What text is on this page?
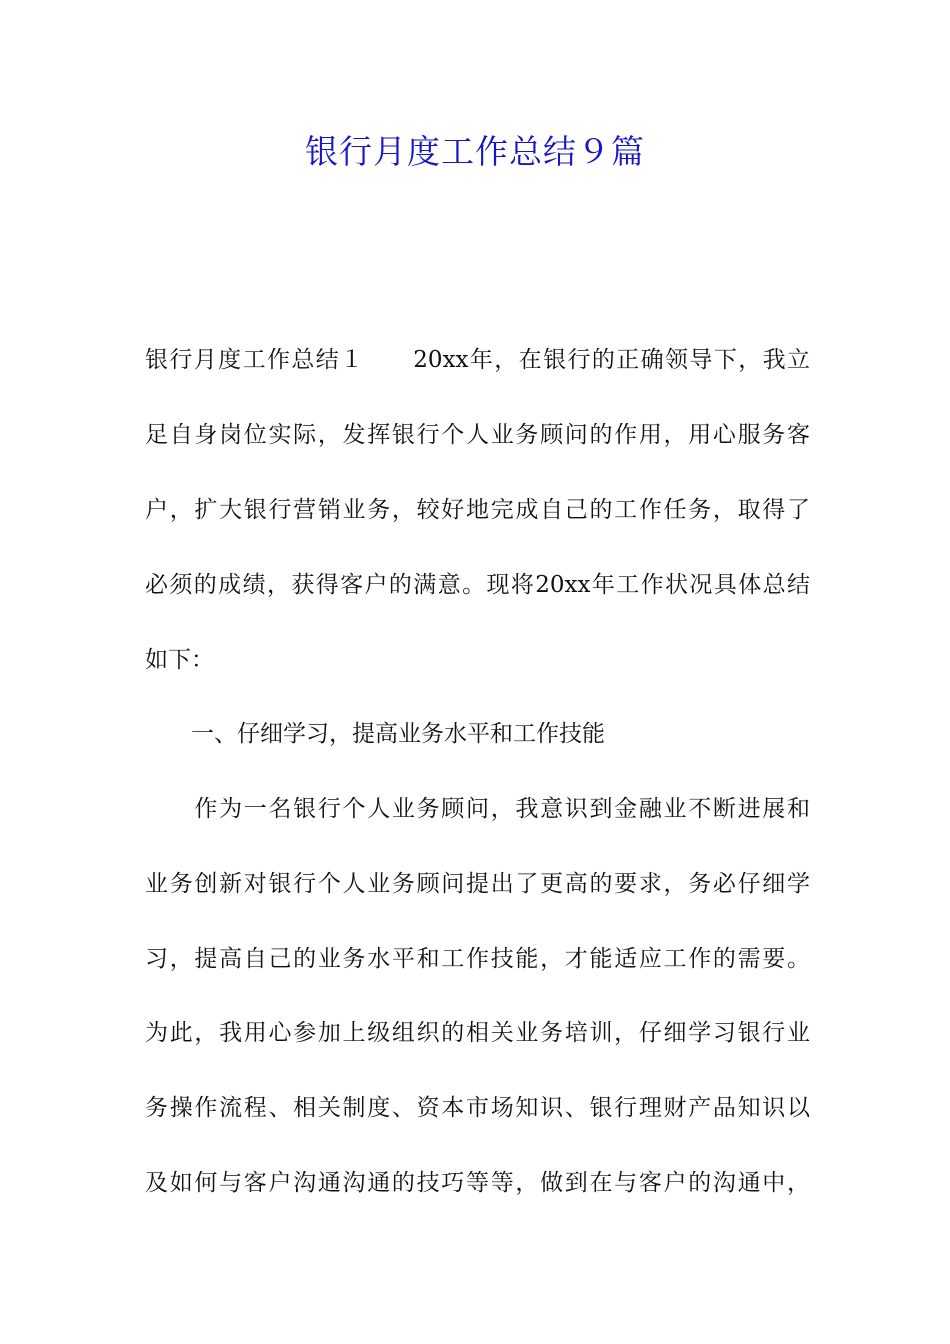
银行月度工作总结９篇

银行月度工作总结１　　20xx年，在银行的正确领导下，我立

足自身岗位实际，发挥银行个人业务顾问的作用，用心服务客

户，扩大银行营销业务，较好地完成自己的工作任务，取得了

必须的成绩，获得客户的满意。现将20xx年工作状况具体总结

如下：

　　一、仔细学习，提高业务水平和工作技能

　　作为一名银行个人业务顾问，我意识到金融业不断进展和

业务创新对银行个人业务顾问提出了更高的要求，务必仔细学

习，提高自己的业务水平和工作技能，才能适应工作的需要。

为此，我用心参加上级组织的相关业务培训，仔细学习银行业

务操作流程、相关制度、资本市场知识、银行理财产品知识以

及如何与客户沟通沟通的技巧等等，做到在与客户的沟通中，
